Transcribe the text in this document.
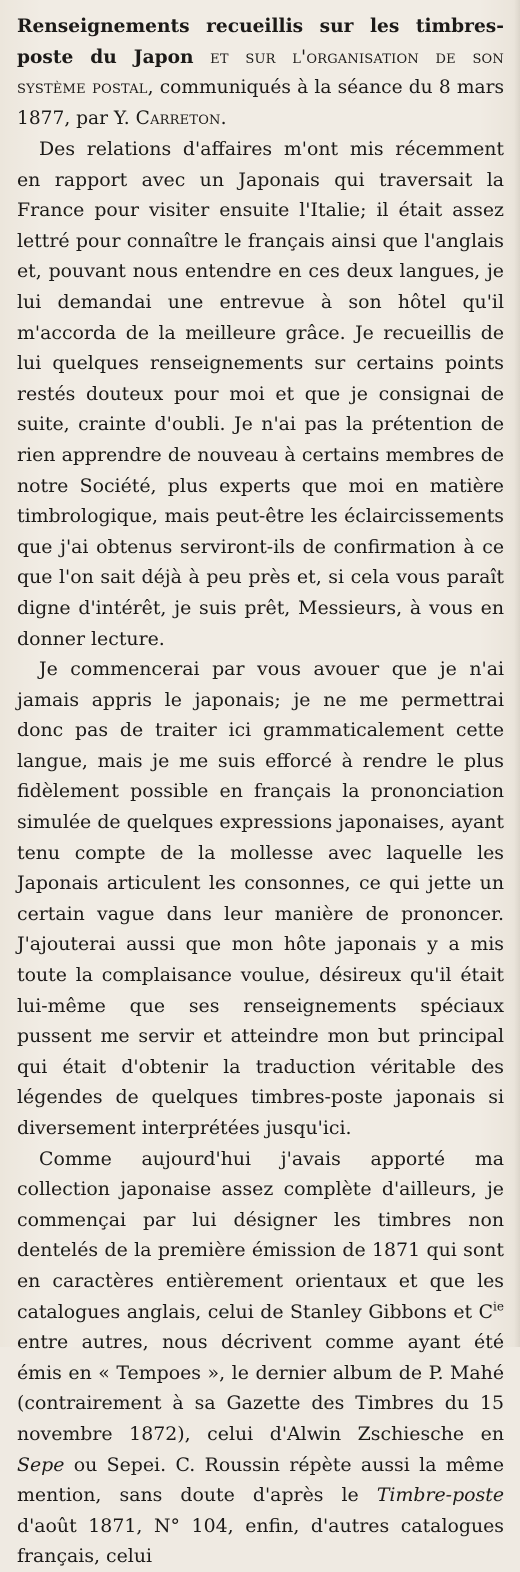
Renseignements recueillis sur les timbres-poste du Japon et sur l'organisation de son système postal, communiqués à la séance du 8 mars 1877, par Y. Carreton.

Des relations d'affaires m'ont mis récemment en rapport avec un Japonais qui traversait la France pour visiter ensuite l'Italie; il était assez lettré pour connaître le français ainsi que l'anglais et, pouvant nous entendre en ces deux langues, je lui demandai une entrevue à son hôtel qu'il m'accorda de la meilleure grâce. Je recueillis de lui quelques renseignements sur certains points restés douteux pour moi et que je consignai de suite, crainte d'oubli. Je n'ai pas la prétention de rien apprendre de nouveau à certains membres de notre Société, plus experts que moi en matière timbrologique, mais peut-être les éclaircissements que j'ai obtenus serviront-ils de confirmation à ce que l'on sait déjà à peu près et, si cela vous paraît digne d'intérêt, je suis prêt, Messieurs, à vous en donner lecture.

Je commencerai par vous avouer que je n'ai jamais appris le japonais; je ne me permettrai donc pas de traiter ici grammaticalement cette langue, mais je me suis efforcé à rendre le plus fidèlement possible en français la prononciation simulée de quelques expressions japonaises, ayant tenu compte de la mollesse avec laquelle les Japonais articulent les consonnes, ce qui jette un certain vague dans leur manière de prononcer. J'ajouterai aussi que mon hôte japonais y a mis toute la complaisance voulue, désireux qu'il était lui-même que ses renseignements spéciaux pussent me servir et atteindre mon but principal qui était d'obtenir la traduction véritable des légendes de quelques timbres-poste japonais si diversement interprétées jusqu'ici.

Comme aujourd'hui j'avais apporté ma collection japonaise assez complète d'ailleurs, je commençai par lui désigner les timbres non dentelés de la première émission de 1871 qui sont en caractères entièrement orientaux et que les catalogues anglais, celui de Stanley Gibbons et $C^{ie}$ entre autres, nous décrivent comme ayant été émis en « Tempoes », le dernier album de P. Mahé (contrairement à sa Gazette des Timbres du 15 novembre 1872), celui d'Alwin Zschiesche en Sepe ou Sepei. C. Roussin répète aussi la même mention, sans doute d'après le Timbre-poste d'août 1871, N° 104, enfin, d'autres catalogues français, celui
